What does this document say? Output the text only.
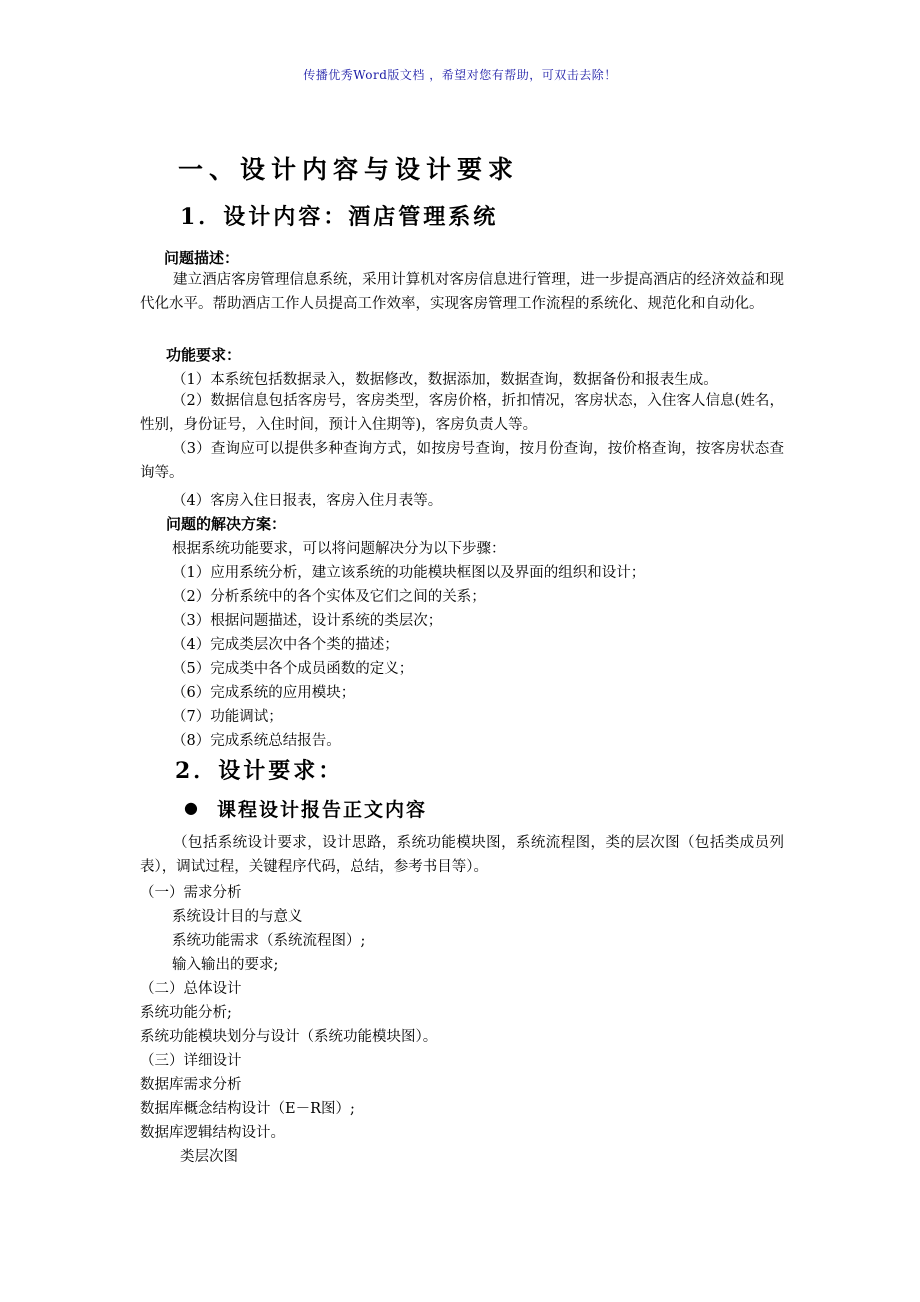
传播优秀Word版文档 ，希望对您有帮助，可双击去除！
一、设计内容与设计要求
1．设计内容：酒店管理系统
问题描述：
建立酒店客房管理信息系统，采用计算机对客房信息进行管理，进一步提高酒店的经济效益和现代化水平。帮助酒店工作人员提高工作效率，实现客房管理工作流程的系统化、规范化和自动化。
功能要求：
（1）本系统包括数据录入，数据修改，数据添加，数据查询，数据备份和报表生成。
（2）数据信息包括客房号，客房类型，客房价格，折扣情况，客房状态，入住客人信息(姓名，性别，身份证号，入住时间，预计入住期等)，客房负责人等。
（3）查询应可以提供多种查询方式，如按房号查询，按月份查询，按价格查询，按客房状态查询等。
（4）客房入住日报表，客房入住月表等。
问题的解决方案：
根据系统功能要求，可以将问题解决分为以下步骤：
（1）应用系统分析，建立该系统的功能模块框图以及界面的组织和设计；
（2）分析系统中的各个实体及它们之间的关系；
（3）根据问题描述，设计系统的类层次；
（4）完成类层次中各个类的描述；
（5）完成类中各个成员函数的定义；
（6）完成系统的应用模块；
（7）功能调试；
（8）完成系统总结报告。
2．设计要求：
● 课程设计报告正文内容
（包括系统设计要求，设计思路，系统功能模块图，系统流程图，类的层次图（包括类成员列表），调试过程，关键程序代码，总结，参考书目等）。
（一）需求分析
系统设计目的与意义
系统功能需求（系统流程图）;
输入输出的要求;
（二）总体设计
系统功能分析;
系统功能模块划分与设计（系统功能模块图）。
（三）详细设计
数据库需求分析
数据库概念结构设计（E－R图）;
数据库逻辑结构设计。
类层次图
